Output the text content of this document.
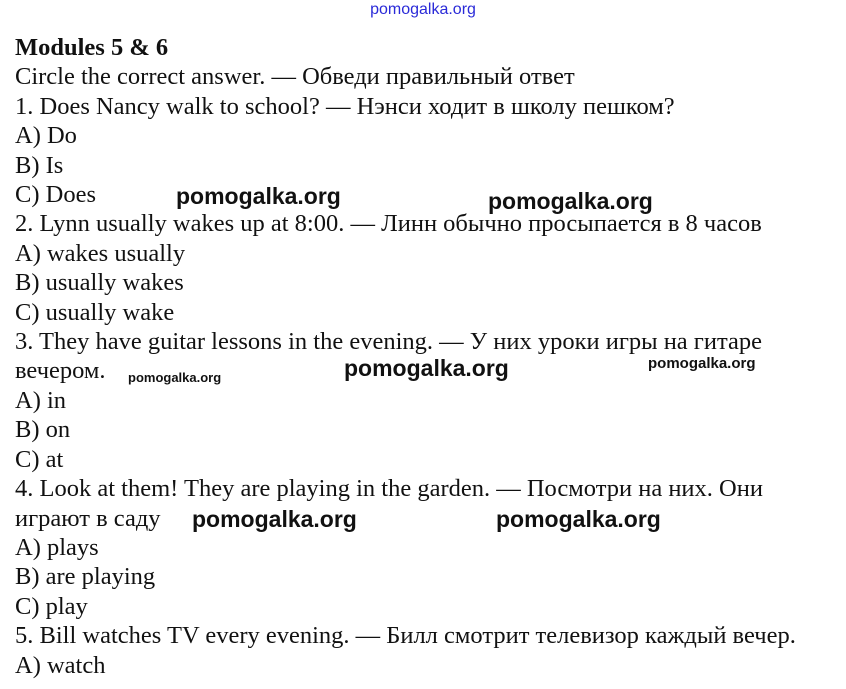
pomogalka.org
Modules 5 & 6
Circle the correct answer. — Обведи правильный ответ
1. Does Nancy walk to school? — Нэнси ходит в школу пешком?
A) Do
B) Is
C) Does
2. Lynn usually wakes up at 8:00. — Линн обычно просыпается в 8 часов
A) wakes usually
B) usually wakes
C) usually wake
3. They have guitar lessons in the evening. — У них уроки игры на гитаре
вечером.
A) in
B) on
C) at
4. Look at them! They are playing in the garden. — Посмотри на них. Они
играют в саду
A) plays
B) are playing
C) play
5. Bill watches TV every evening. — Билл смотрит телевизор каждый вечер.
A) watch
pomogalka.org	pomogalka.org
pomogalka.org	pomogalka.org	pomogalka.org
pomogalka.org	pomogalka.org
